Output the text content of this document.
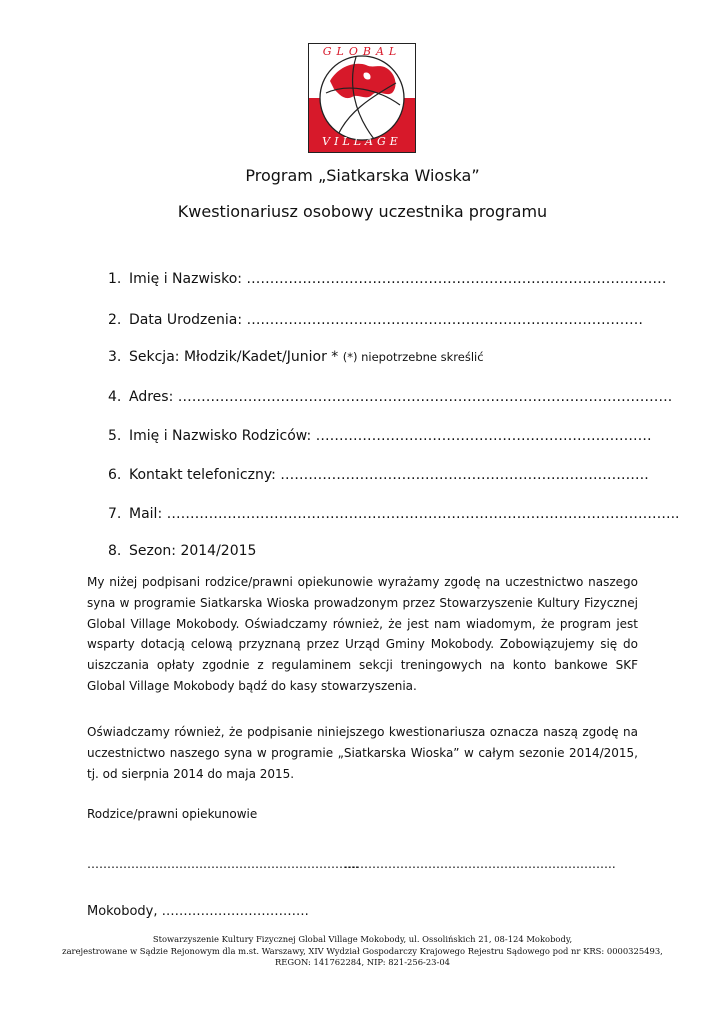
GLOBAL
VILLAGE
Program „Siatkarska Wioska”
Kwestionariusz osobowy uczestnika programu
1. Imię i Nazwisko: ………………………………………………………………………………
2. Data Urodzenia: ….………………………………………………………………………
3. Sekcja: Młodzik/Kadet/Junior * (*) niepotrzebne skreślić
4. Adres: …………………………………………………………………………………………….
5. Imię i Nazwisko Rodziców: ………………………………………………………………
6. Kontakt telefoniczny: …………………………………………………………………….
7. Mail: ………………………………………………………………………………………………..
8. Sezon: 2014/2015
My niżej podpisani rodzice/prawni opiekunowie wyrażamy zgodę na uczestnictwo naszego syna w programie Siatkarska Wioska prowadzonym przez Stowarzyszenie Kultury Fizycznej Global Village Mokobody. Oświadczamy również, że jest nam wiadomym, że program jest wsparty dotacją celową przyznaną przez Urząd Gminy Mokobody. Zobowiązujemy się do uiszczania opłaty zgodnie z regulaminem sekcji treningowych na konto bankowe SKF Global Village Mokobody bądź do kasy stowarzyszenia.
Oświadczamy również, że podpisanie niniejszego kwestionariusza oznacza naszą zgodę na uczestnictwo naszego syna w programie „Siatkarska Wioska” w całym sezonie 2014/2015, tj. od sierpnia 2014 do maja 2015.
Rodzice/prawni opiekunowie
…………………………………………………………..
…………………………………………………………..
Mokobody, …………………………….
Stowarzyszenie Kultury Fizycznej Global Village Mokobody, ul. Ossolińskich 21, 08-124 Mokobody,
zarejestrowane w Sądzie Rejonowym dla m.st. Warszawy, XIV Wydział Gospodarczy Krajowego Rejestru Sądowego pod nr KRS: 0000325493,
REGON: 141762284, NIP: 821-256-23-04
